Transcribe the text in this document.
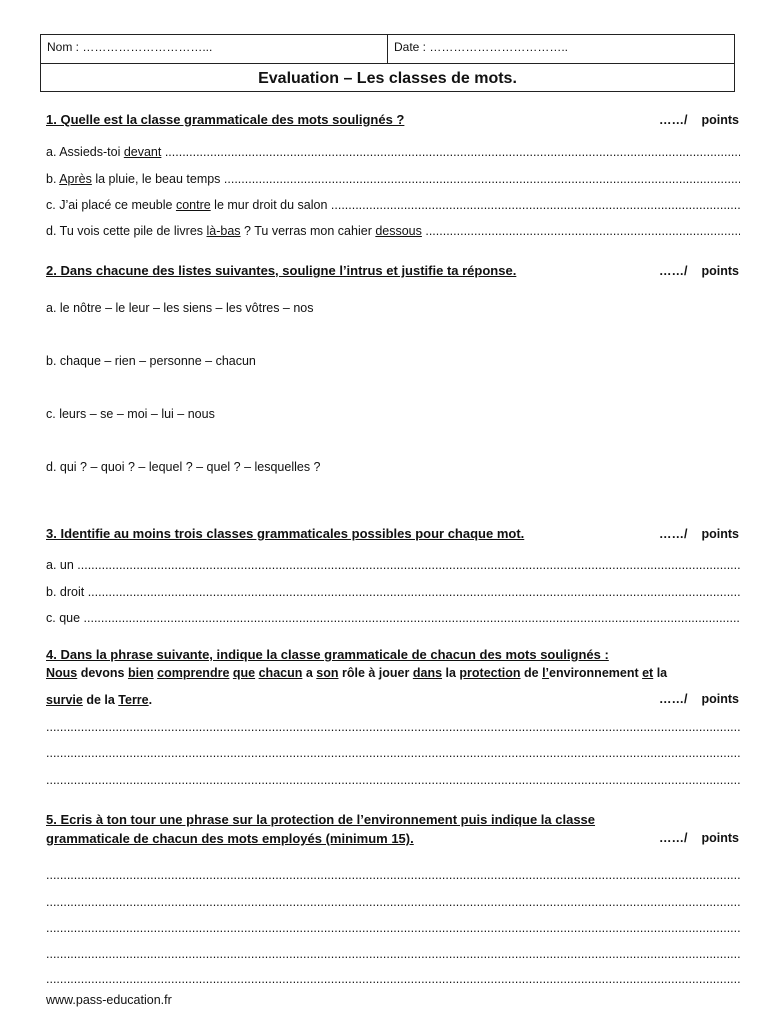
Nom : …………………………...	Date : ……………………………..
Evaluation – Les classes de mots.
1. Quelle est la classe grammaticale des mots soulignés ?	……/ points
a. Assieds-toi devant .....
b. Après la pluie, le beau temps .....
c. J’ai placé ce meuble contre le mur droit du salon .....
d. Tu vois cette pile de livres là-bas ? Tu verras mon cahier dessous .....
2. Dans chacune des listes suivantes, souligne l’intrus et justifie ta réponse.	……/ points
a. le nôtre – le leur – les siens – les vôtres – nos
b. chaque – rien – personne – chacun
c. leurs – se – moi – lui – nous
d. qui ? – quoi ? – lequel ? – quel ? – lesquelles ?
3. Identifie au moins trois classes grammaticales possibles pour chaque mot.	……/ points
a. un .....
b. droit .....
c. que .....
4. Dans la phrase suivante, indique la classe grammaticale de chacun des mots soulignés :
Nous devons bien comprendre que chacun a son rôle à jouer dans la protection de l’environnement et la
survie de la Terre.	……/ points
.....
.....
.....
5. Ecris à ton tour une phrase sur la protection de l’environnement puis indique la classe
grammaticale de chacun des mots employés (minimum 15).	……/ points
.....
.....
.....
.....
.....
www.pass-education.fr
